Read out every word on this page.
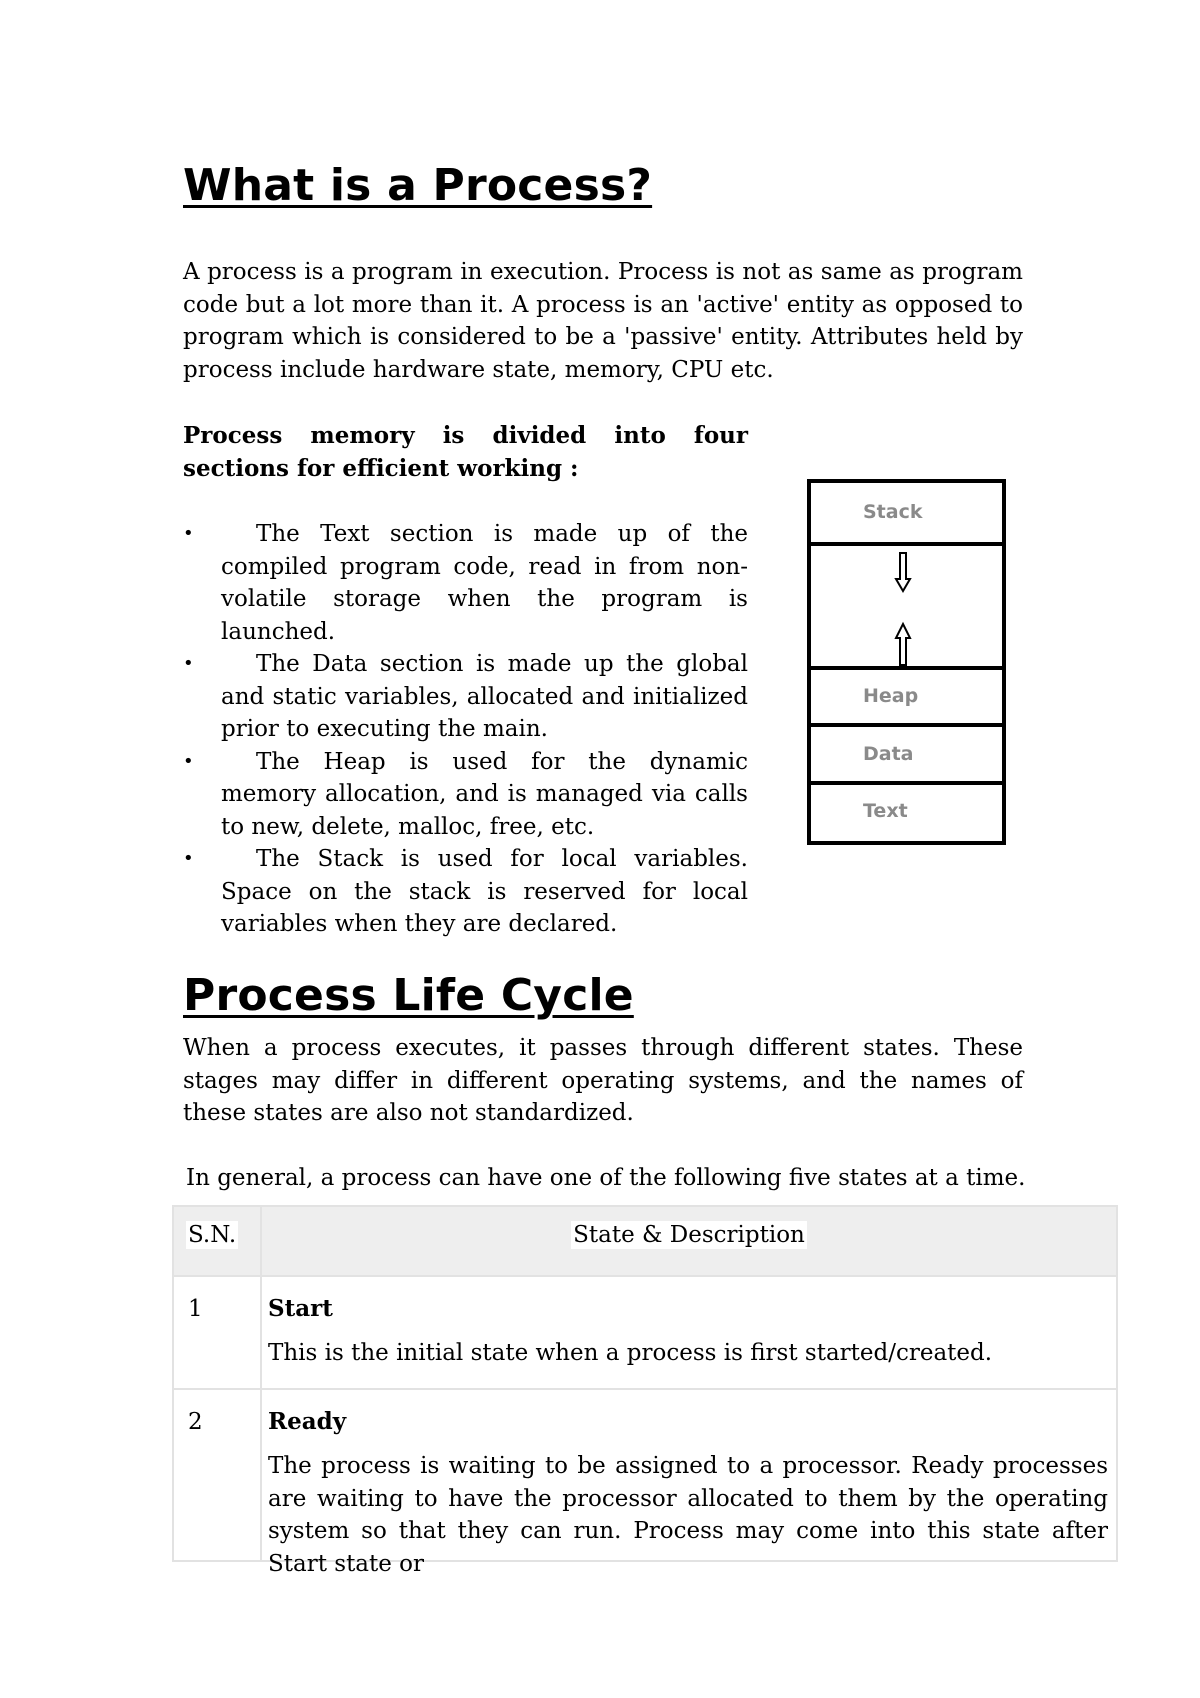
What is a Process?

A process is a program in execution. Process is not as same as program code but a lot more than it. A process is an 'active' entity as opposed to program which is considered to be a 'passive' entity. Attributes held by process include hardware state, memory, CPU etc.

Process memory is divided into four sections for efficient working :

•	The Text section is made up of the compiled program code, read in from non-volatile storage when the program is launched.
•	The Data section is made up the global and static variables, allocated and initialized prior to executing the main.
•	The Heap is used for the dynamic memory allocation, and is managed via calls to new, delete, malloc, free, etc.
•	The Stack is used for local variables. Space on the stack is reserved for local variables when they are declared.
Stack
Heap
Data
Text
Process Life Cycle

When a process executes, it passes through different states. These stages may differ in different operating systems, and the names of these states are also not standardized.

In general, a process can have one of the following five states at a time.

S.N.	State & Description
1	Start
This is the initial state when a process is first started/created.

2	Ready
The process is waiting to be assigned to a processor. Ready processes are waiting to have the processor allocated to them by the operating system so that they can run. Process may come into this state after Start state or
